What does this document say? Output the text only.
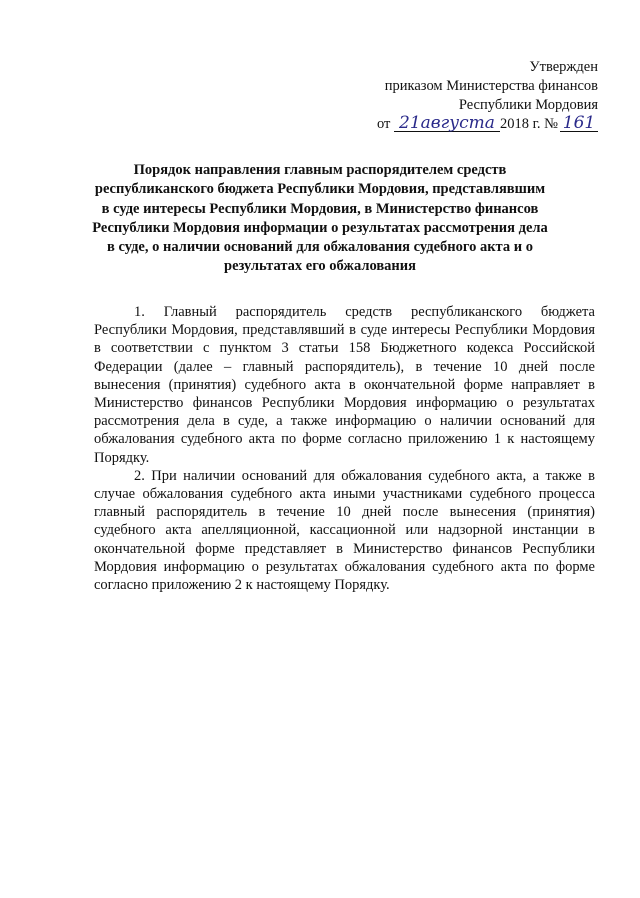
Утвержден
приказом Министерства финансов
Республики Мордовия
от 21августа 2018 г. № 161
Порядок направления главным распорядителем средств республиканского бюджета Республики Мордовия, представлявшим в суде интересы Республики Мордовия, в Министерство финансов Республики Мордовия информации о результатах рассмотрения дела в суде, о наличии оснований для обжалования судебного акта и о результатах его обжалования

1. Главный распорядитель средств республиканского бюджета Республики Мордовия, представлявший в суде интересы Республики Мордовия в соответствии с пунктом 3 статьи 158 Бюджетного кодекса Российской Федерации (далее – главный распорядитель), в течение 10 дней после вынесения (принятия) судебного акта в окончательной форме направляет в Министерство финансов Республики Мордовия информацию о результатах рассмотрения дела в суде, а также информацию о наличии оснований для обжалования судебного акта по форме согласно приложению 1 к настоящему Порядку.

2. При наличии оснований для обжалования судебного акта, а также в случае обжалования судебного акта иными участниками судебного процесса главный распорядитель в течение 10 дней после вынесения (принятия) судебного акта апелляционной, кассационной или надзорной инстанции в окончательной форме представляет в Министерство финансов Республики Мордовия информацию о результатах обжалования судебного акта по форме согласно приложению 2 к настоящему Порядку.
